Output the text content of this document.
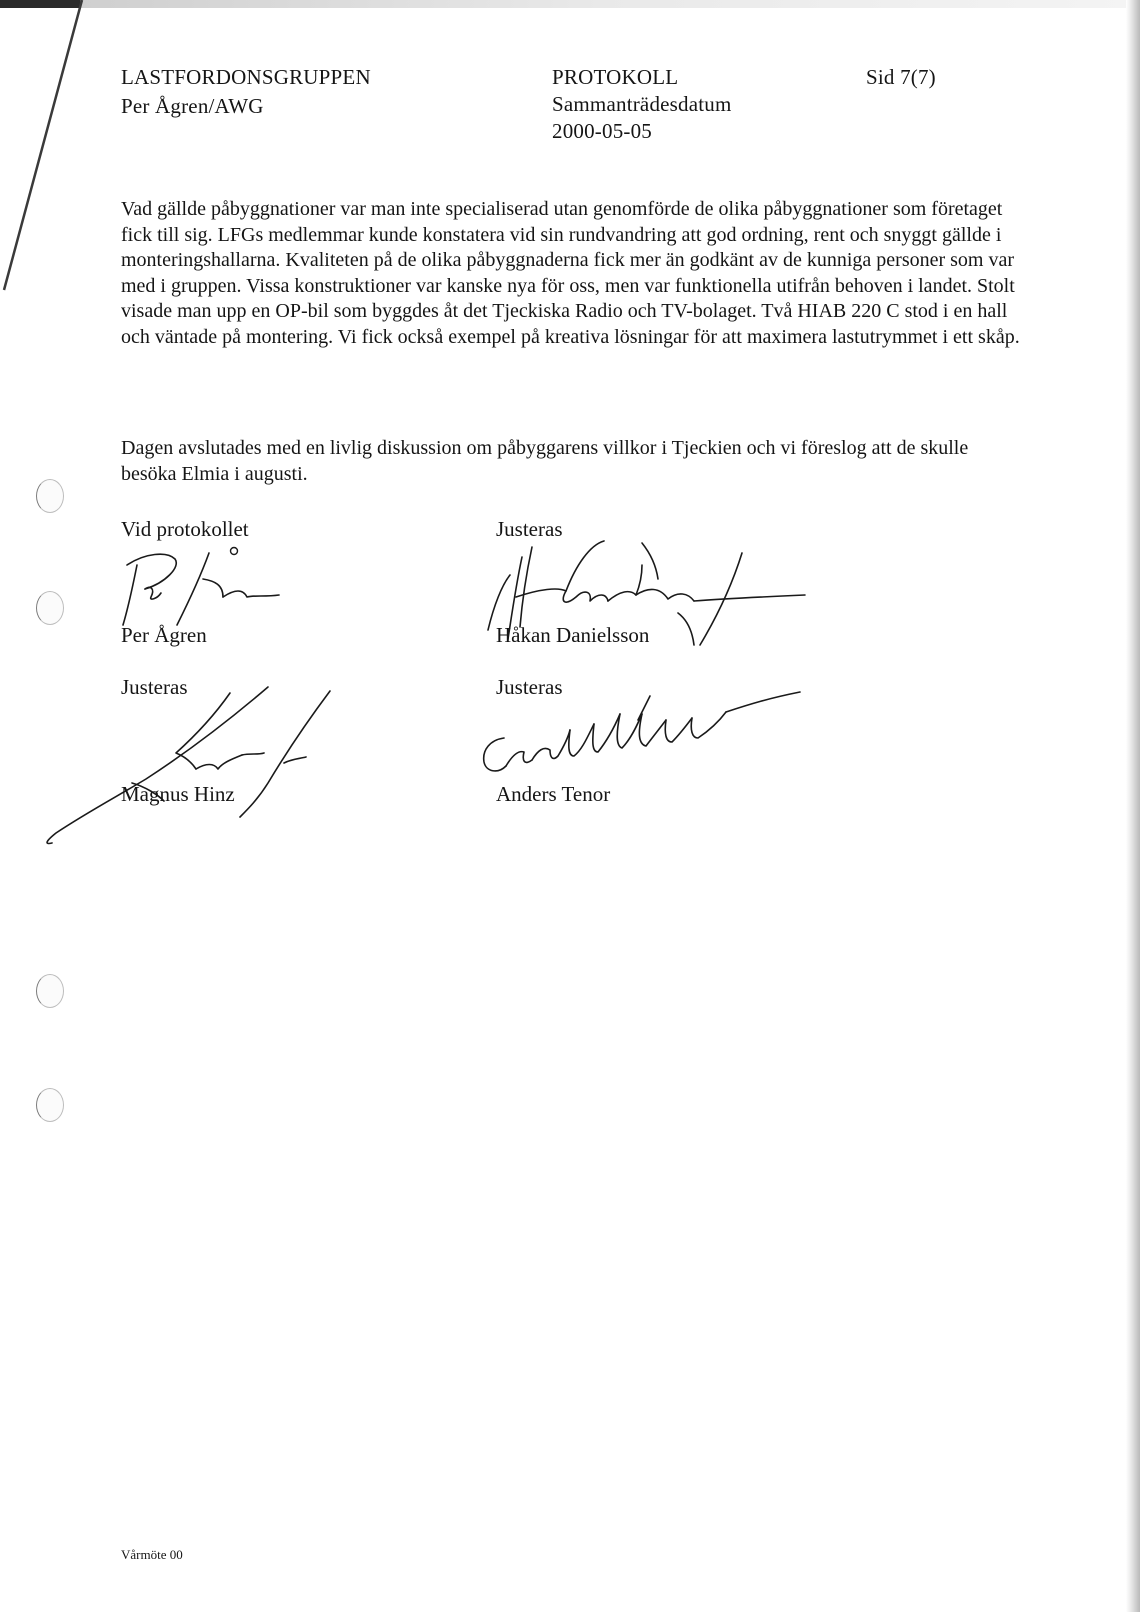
LASTFORDONSGRUPPEN
Per Ågren/AWG
PROTOKOLL
Sammanträdesdatum
2000-05-05
Sid 7(7)

Vad gällde påbyggnationer var man inte specialiserad utan genomförde de olika påbyggnationer som företaget fick till sig. LFGs medlemmar kunde konstatera vid sin rundvandring att god ordning, rent och snyggt gällde i monteringshallarna. Kvaliteten på de olika påbyggnaderna fick mer än godkänt av de kunniga personer som var med i gruppen. Vissa konstruktioner var kanske nya för oss, men var funktionella utifrån behoven i landet. Stolt visade man upp en OP-bil som byggdes åt det Tjeckiska Radio och TV-bolaget. Två HIAB 220 C stod i en hall och väntade på montering. Vi fick också exempel på kreativa lösningar för att maximera lastutrymmet i ett skåp.

Dagen avslutades med en livlig diskussion om påbyggarens villkor i Tjeckien och vi föreslog att de skulle besöka Elmia i augusti.

Vid protokollet
Per Ågren
Justeras
Håkan Danielsson
Justeras
Magnus Hinz
Justeras
Anders Tenor
Vårmöte 00
